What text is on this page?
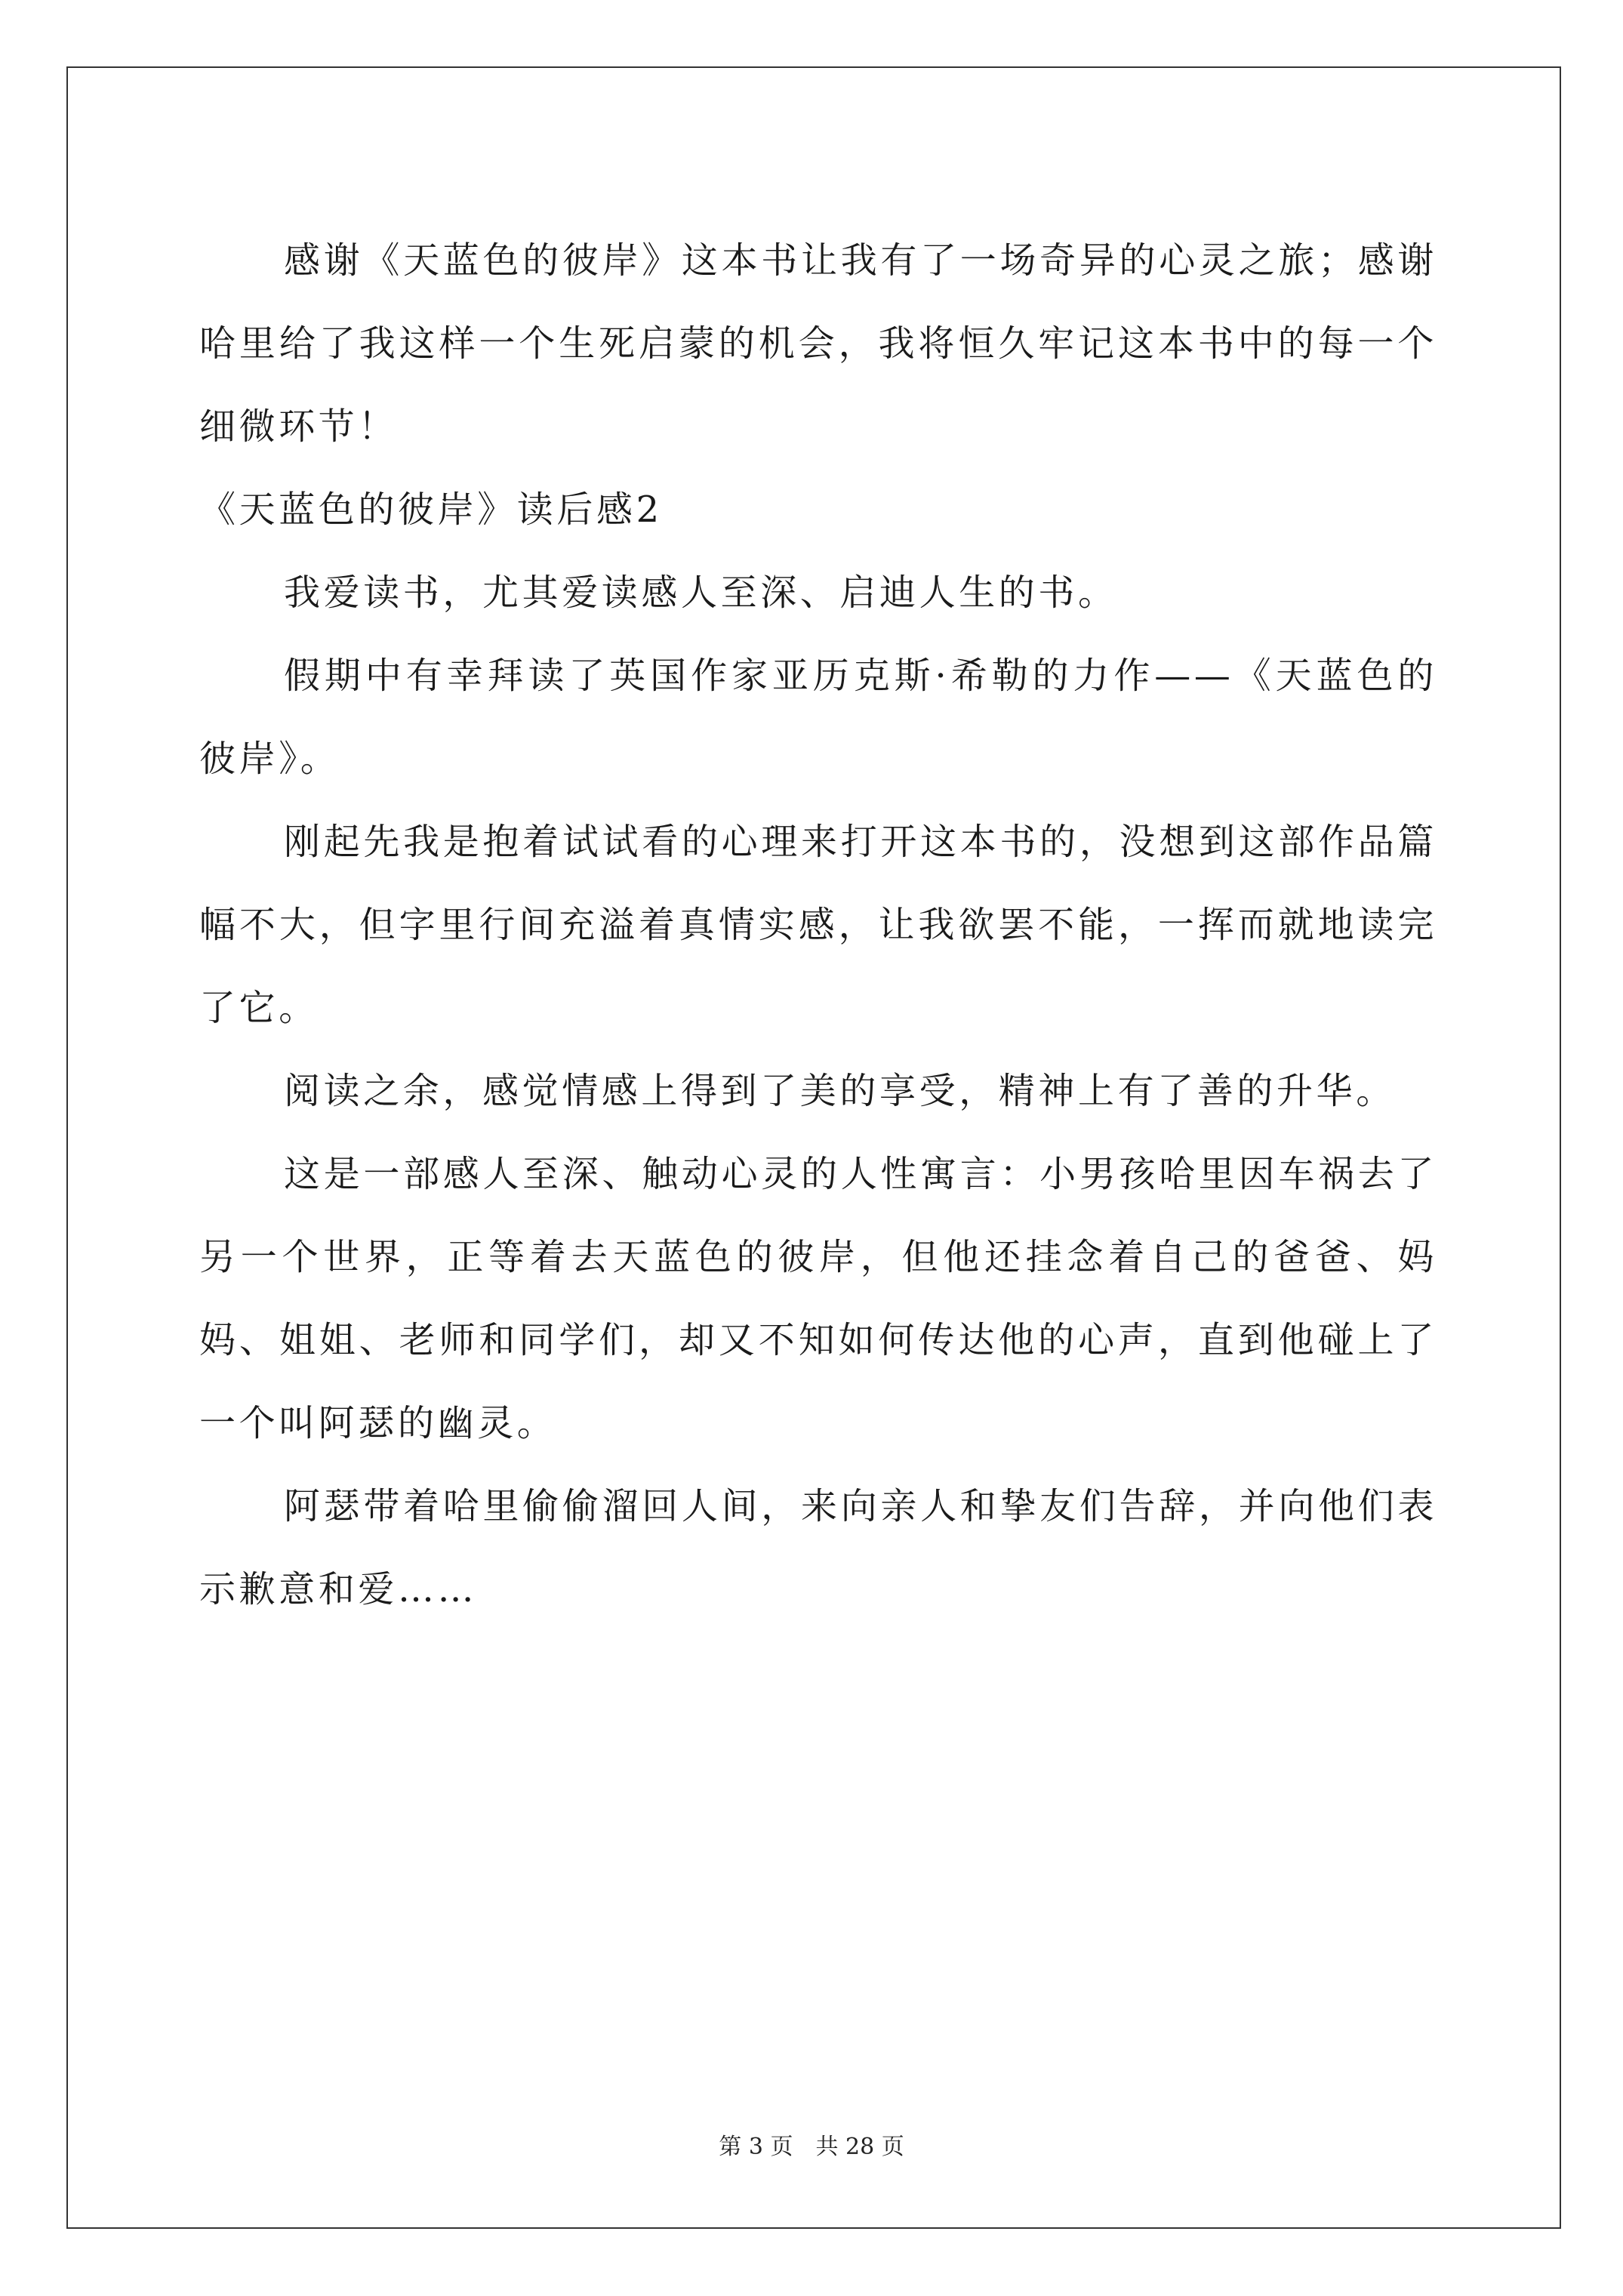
感谢《天蓝色的彼岸》这本书让我有了一场奇异的心灵之旅；感谢哈里给了我这样一个生死启蒙的机会，我将恒久牢记这本书中的每一个细微环节！

《天蓝色的彼岸》读后感2

我爱读书，尤其爱读感人至深、启迪人生的书。

假期中有幸拜读了英国作家亚历克斯·希勒的力作——《天蓝色的彼岸》。

刚起先我是抱着试试看的心理来打开这本书的，没想到这部作品篇幅不大，但字里行间充溢着真情实感，让我欲罢不能，一挥而就地读完了它。

阅读之余，感觉情感上得到了美的享受，精神上有了善的升华。

这是一部感人至深、触动心灵的人性寓言：小男孩哈里因车祸去了另一个世界，正等着去天蓝色的彼岸，但他还挂念着自己的爸爸、妈妈、姐姐、老师和同学们，却又不知如何传达他的心声，直到他碰上了一个叫阿瑟的幽灵。

阿瑟带着哈里偷偷溜回人间，来向亲人和挚友们告辞，并向他们表示歉意和爱……

第 3 页　共 28 页
